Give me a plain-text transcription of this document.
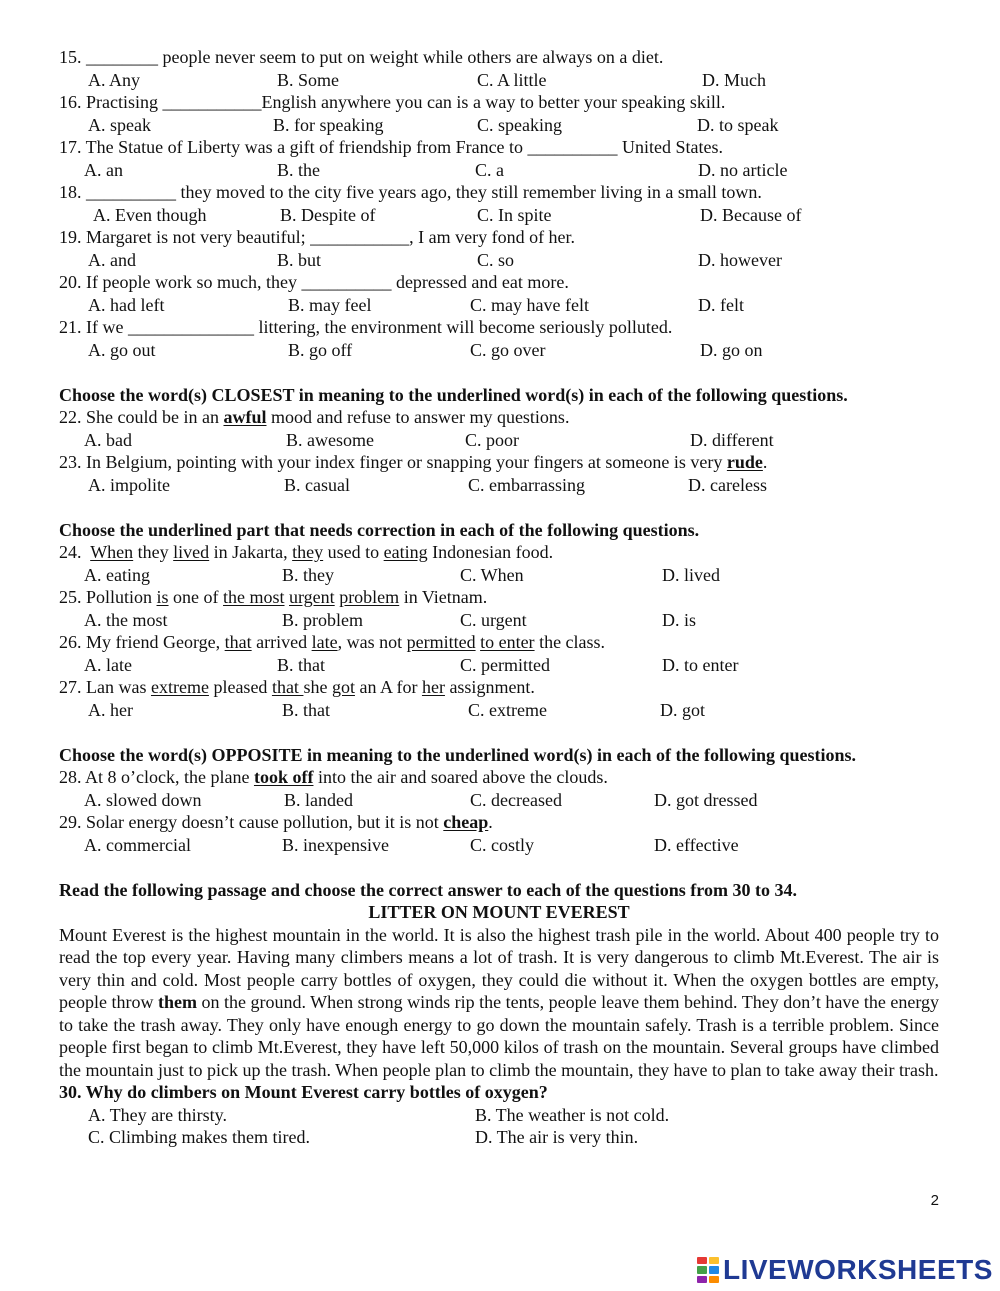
15. ________ people never seem to put on weight while others are always on a diet.
A. Any	B. Some	C. A little	D. Much
16. Practising ___________English anywhere you can is a way to better your speaking skill.
A. speak	B. for speaking	C. speaking	D. to speak
17. The Statue of Liberty was a gift of friendship from France to __________ United States.
A. an	B. the	C. a	D. no article
18. __________ they moved to the city five years ago, they still remember living in a small town.
A. Even though	B. Despite of	C. In spite	D. Because of
19. Margaret is not very beautiful; ___________, I am very fond of her.
A. and	B. but	C. so	D. however
20. If people work so much, they __________ depressed and eat more.
A. had left	B. may feel	C. may have felt	D. felt
21. If we ______________ littering, the environment will become seriously polluted.
A. go out	B. go off	C. go over	D. go on
Choose the word(s) CLOSEST in meaning to the underlined word(s) in each of the following questions.
22. She could be in an awful mood and refuse to answer my questions.
A. bad	B. awesome	C. poor	D. different
23. In Belgium, pointing with your index finger or snapping your fingers at someone is very rude.
A. impolite	B. casual	C. embarrassing	D. careless
Choose the underlined part that needs correction in each of the following questions.
24.  When they lived in Jakarta, they used to eating Indonesian food.
A. eating	B. they	C. When	D. lived
25. Pollution is one of the most urgent problem in Vietnam.
A. the most	B. problem	C. urgent	D. is
26. My friend George, that arrived late, was not permitted to enter the class.
A. late	B. that	C. permitted	D. to enter
27. Lan was extreme pleased that she got an A for her assignment.
A. her	B. that	C. extreme	D. got
Choose the word(s) OPPOSITE in meaning to the underlined word(s) in each of the following questions.
28. At 8 o’clock, the plane took off into the air and soared above the clouds.
A. slowed down	B. landed	C. decreased	D. got dressed
29. Solar energy doesn’t cause pollution, but it is not cheap.
A. commercial	B. inexpensive	C. costly	D. effective
Read the following passage and choose the correct answer to each of the questions from 30 to 34.
LITTER ON MOUNT EVEREST
Mount Everest is the highest mountain in the world. It is also the highest trash pile in the world. About 400 people try to read the top every year. Having many climbers means a lot of trash. It is very dangerous to climb Mt.Everest. The air is very thin and cold. Most people carry bottles of oxygen, they could die without it. When the oxygen bottles are empty, people throw them on the ground. When strong winds rip the tents, people leave them behind. They don’t have the energy to take the trash away. They only have enough energy to go down the mountain safely. Trash is a terrible problem. Since people first began to climb Mt.Everest, they have left 50,000 kilos of trash on the mountain. Several groups have climbed the mountain just to pick up the trash. When people plan to climb the mountain, they have to plan to take away their trash.
30. Why do climbers on Mount Everest carry bottles of oxygen?
A. They are thirsty.	B. The weather is not cold.
C. Climbing makes them tired.	D. The air is very thin.
2
LIVEWORKSHEETS
